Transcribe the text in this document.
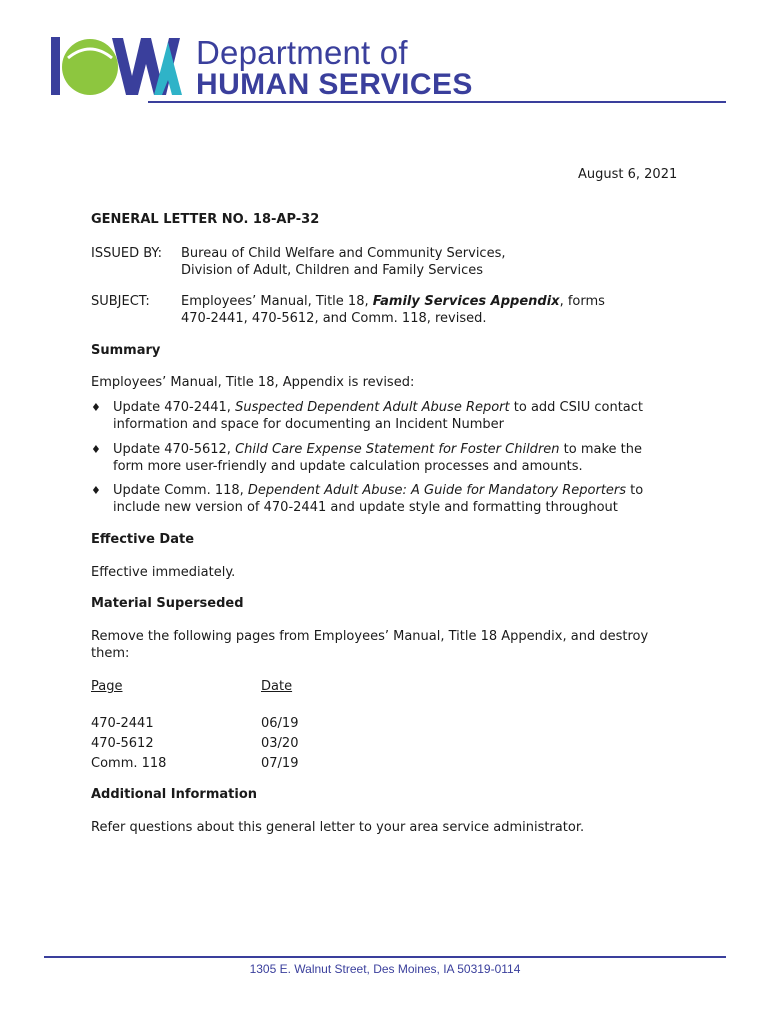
Department of
HUMAN SERVICES
August 6, 2021
GENERAL LETTER NO. 18-AP-32
ISSUED BY: Bureau of Child Welfare and Community Services,
Division of Adult, Children and Family Services
SUBJECT: Employees’ Manual, Title 18, Family Services Appendix, forms
470-2441, 470-5612, and Comm. 118, revised.
Summary
Employees’ Manual, Title 18, Appendix is revised:
♦ Update 470-2441, Suspected Dependent Adult Abuse Report to add CSIU contact
information and space for documenting an Incident Number
♦ Update 470-5612, Child Care Expense Statement for Foster Children to make the
form more user-friendly and update calculation processes and amounts.
♦ Update Comm. 118, Dependent Adult Abuse: A Guide for Mandatory Reporters to
include new version of 470-2441 and update style and formatting throughout
Effective Date
Effective immediately.
Material Superseded
Remove the following pages from Employees’ Manual, Title 18 Appendix, and destroy
them:
Page	Date
470-2441	06/19
470-5612	03/20
Comm. 118	07/19
Additional Information
Refer questions about this general letter to your area service administrator.
1305 E. Walnut Street, Des Moines, IA 50319-0114
